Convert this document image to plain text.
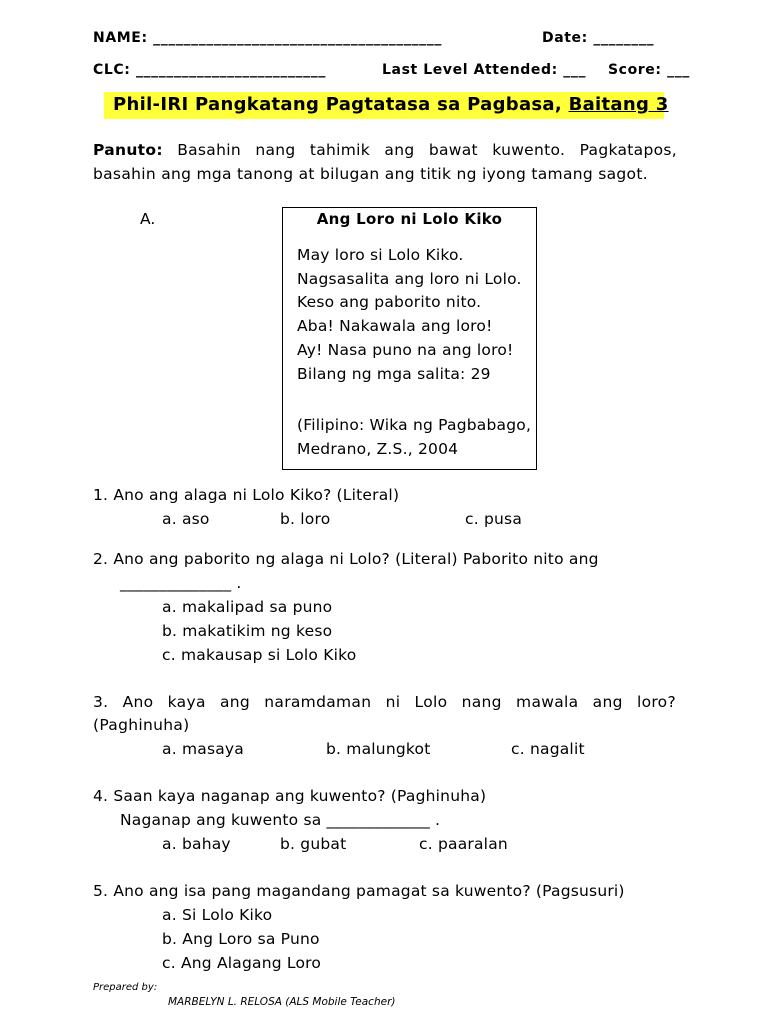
NAME: ______________________________________	Date: ________
CLC: _________________________	Last Level Attended: ___ Score: ___
Phil-IRI Pangkatang Pagtatasa sa Pagbasa, Baitang 3
Panuto: Basahin nang tahimik ang bawat kuwento. Pagkatapos, basahin ang mga tanong at bilugan ang titik ng iyong tamang sagot.
A.	Ang Loro ni Lolo Kiko
May loro si Lolo Kiko.
Nagsasalita ang loro ni Lolo.
Keso ang paborito nito.
Aba! Nakawala ang loro!
Ay! Nasa puno na ang loro!
Bilang ng mga salita: 29
(Filipino: Wika ng Pagbabago,
Medrano, Z.S., 2004
1. Ano ang alaga ni Lolo Kiko? (Literal)
a. aso	b. loro	c. pusa
2. Ano ang paborito ng alaga ni Lolo? (Literal) Paborito nito ang
______________ .
a. makalipad sa puno
b. makatikim ng keso
c. makausap si Lolo Kiko
3. Ano kaya ang naramdaman ni Lolo nang mawala ang loro? (Paghinuha)
a. masaya	b. malungkot	c. nagalit
4. Saan kaya naganap ang kuwento? (Paghinuha)
Naganap ang kuwento sa _____________ .
a. bahay	b. gubat	c. paaralan
5. Ano ang isa pang magandang pamagat sa kuwento? (Pagsusuri)
a. Si Lolo Kiko
b. Ang Loro sa Puno
c. Ang Alagang Loro
Prepared by:
MARBELYN L. RELOSA (ALS Mobile Teacher)
